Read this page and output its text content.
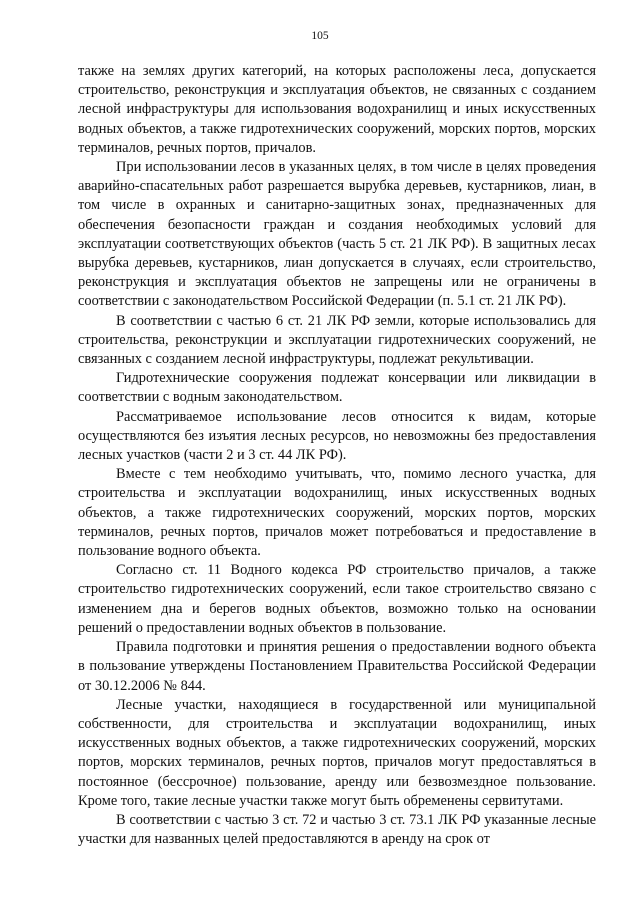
105

также на землях других категорий, на которых расположены леса, допускается строительство, реконструкция и эксплуатация объектов, не связанных с созданием лесной инфраструктуры для использования водохранилищ и иных искусственных водных объектов, а также гидротехнических сооружений, морских портов, морских терминалов, речных портов, причалов.

При использовании лесов в указанных целях, в том числе в целях проведения аварийно-спасательных работ разрешается вырубка деревьев, кустарников, лиан, в том числе в охранных и санитарно-защитных зонах, предназначенных для обеспечения безопасности граждан и создания необходимых условий для эксплуатации соответствующих объектов (часть 5 ст. 21 ЛК РФ). В защитных лесах вырубка деревьев, кустарников, лиан допускается в случаях, если строительство, реконструкция и эксплуатация объектов не запрещены или не ограничены в соответствии с законодательством Российской Федерации (п. 5.1 ст. 21 ЛК РФ).

В соответствии с частью 6 ст. 21 ЛК РФ земли, которые использовались для строительства, реконструкции и эксплуатации гидротехнических сооружений, не связанных с созданием лесной инфраструктуры, подлежат рекультивации.

Гидротехнические сооружения подлежат консервации или ликвидации в соответствии с водным законодательством.

Рассматриваемое использование лесов относится к видам, которые осуществляются без изъятия лесных ресурсов, но невозможны без предоставления лесных участков (части 2 и 3 ст. 44 ЛК РФ).

Вместе с тем необходимо учитывать, что, помимо лесного участка, для строительства и эксплуатации водохранилищ, иных искусственных водных объектов, а также гидротехнических сооружений, морских портов, морских терминалов, речных портов, причалов может потребоваться и предоставление в пользование водного объекта.

Согласно ст. 11 Водного кодекса РФ строительство причалов, а также строительство гидротехнических сооружений, если такое строительство связано с изменением дна и берегов водных объектов, возможно только на основании решений о предоставлении водных объектов в пользование.

Правила подготовки и принятия решения о предоставлении водного объекта в пользование утверждены Постановлением Правительства Российской Федерации от 30.12.2006 № 844.

Лесные участки, находящиеся в государственной или муниципальной собственности, для строительства и эксплуатации водохранилищ, иных искусственных водных объектов, а также гидротехнических сооружений, морских портов, морских терминалов, речных портов, причалов могут предоставляться в постоянное (бессрочное) пользование, аренду или безвозмездное пользование. Кроме того, такие лесные участки также могут быть обременены сервитутами.

В соответствии с частью 3 ст. 72 и частью 3 ст. 73.1 ЛК РФ указанные лесные участки для названных целей предоставляются в аренду на срок от
